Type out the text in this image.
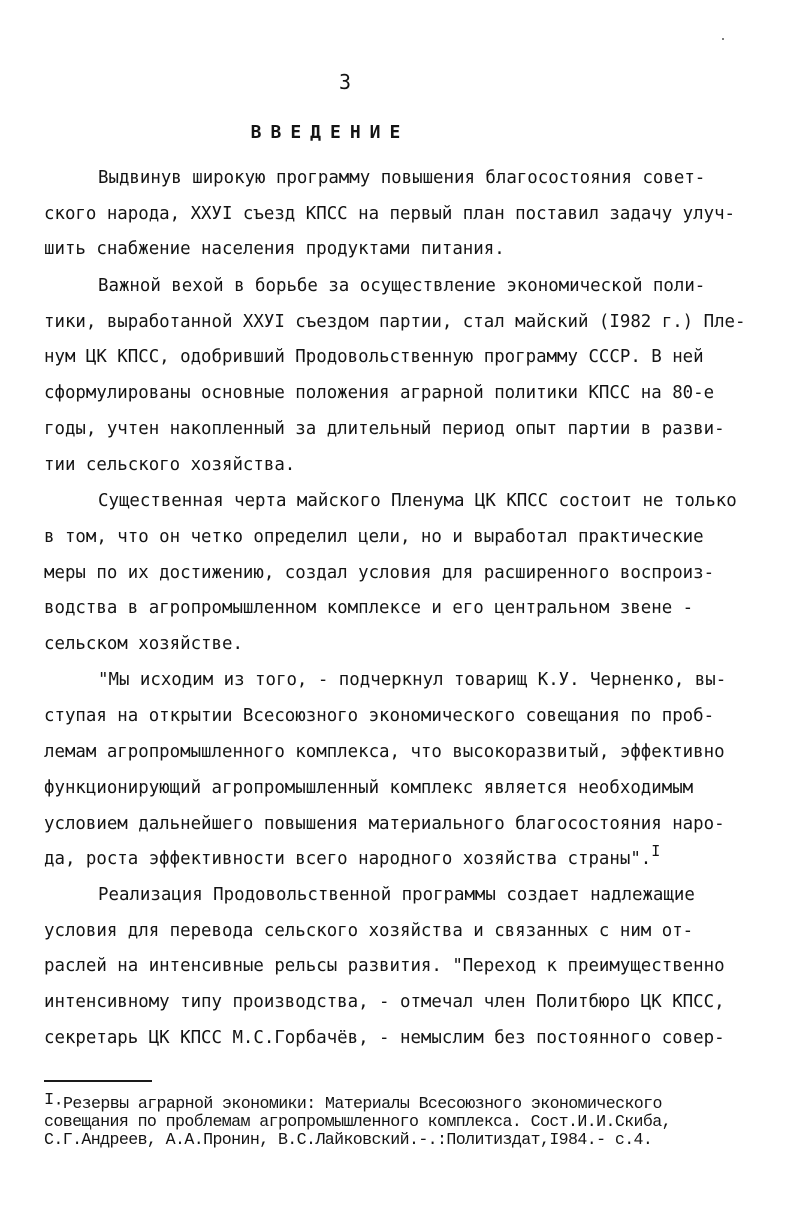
3
ВВЕДЕНИЕ
Выдвинув широкую программу повышения благосостояния совет-
ского народа, ХХУI съезд КПСС на первый план поставил задачу улуч-
шить снабжение населения продуктами питания.
Важной вехой в борьбе за осуществление экономической поли-
тики, выработанной ХХУI съездом партии, стал майский (I982 г.) Пле-
нум ЦК КПСС, одобривший Продовольственную программу СССР. В ней
сформулированы основные положения аграрной политики КПСС на 80-е
годы, учтен накопленный за длительный период опыт партии в разви-
тии сельского хозяйства.
Существенная черта майского Пленума ЦК КПСС состоит не только
в том, что он четко определил цели, но и выработал практические
меры по их достижению, создал условия для расширенного воспроиз-
водства в агропромышленном комплексе и его центральном звене -
сельском хозяйстве.
"Мы исходим из того, - подчеркнул товарищ К.У. Черненко, вы-
ступая на открытии Всесоюзного экономического совещания по проб-
лемам агропромышленного комплекса, что высокоразвитый, эффективно
функционирующий агропромышленный комплекс является необходимым
условием дальнейшего повышения материального благосостояния наро-
да, роста эффективности всего народного хозяйства страны".I
Реализация Продовольственной программы создает надлежащие
условия для перевода сельского хозяйства и связанных с ним от-
раслей на интенсивные рельсы развития. "Переход к преимущественно
интенсивному типу производства, - отмечал член Политбюро ЦК КПСС,
секретарь ЦК КПСС М.С.Горбачёв, - немыслим без постоянного совер-
I·Резервы аграрной экономики: Материалы Всесоюзного экономического
совещания по проблемам агропромышленного комплекса. Сост.И.И.Скиба,
С.Г.Андреев, А.А.Пронин, В.С.Лайковский.-.:Политиздат,I984.- с.4.
